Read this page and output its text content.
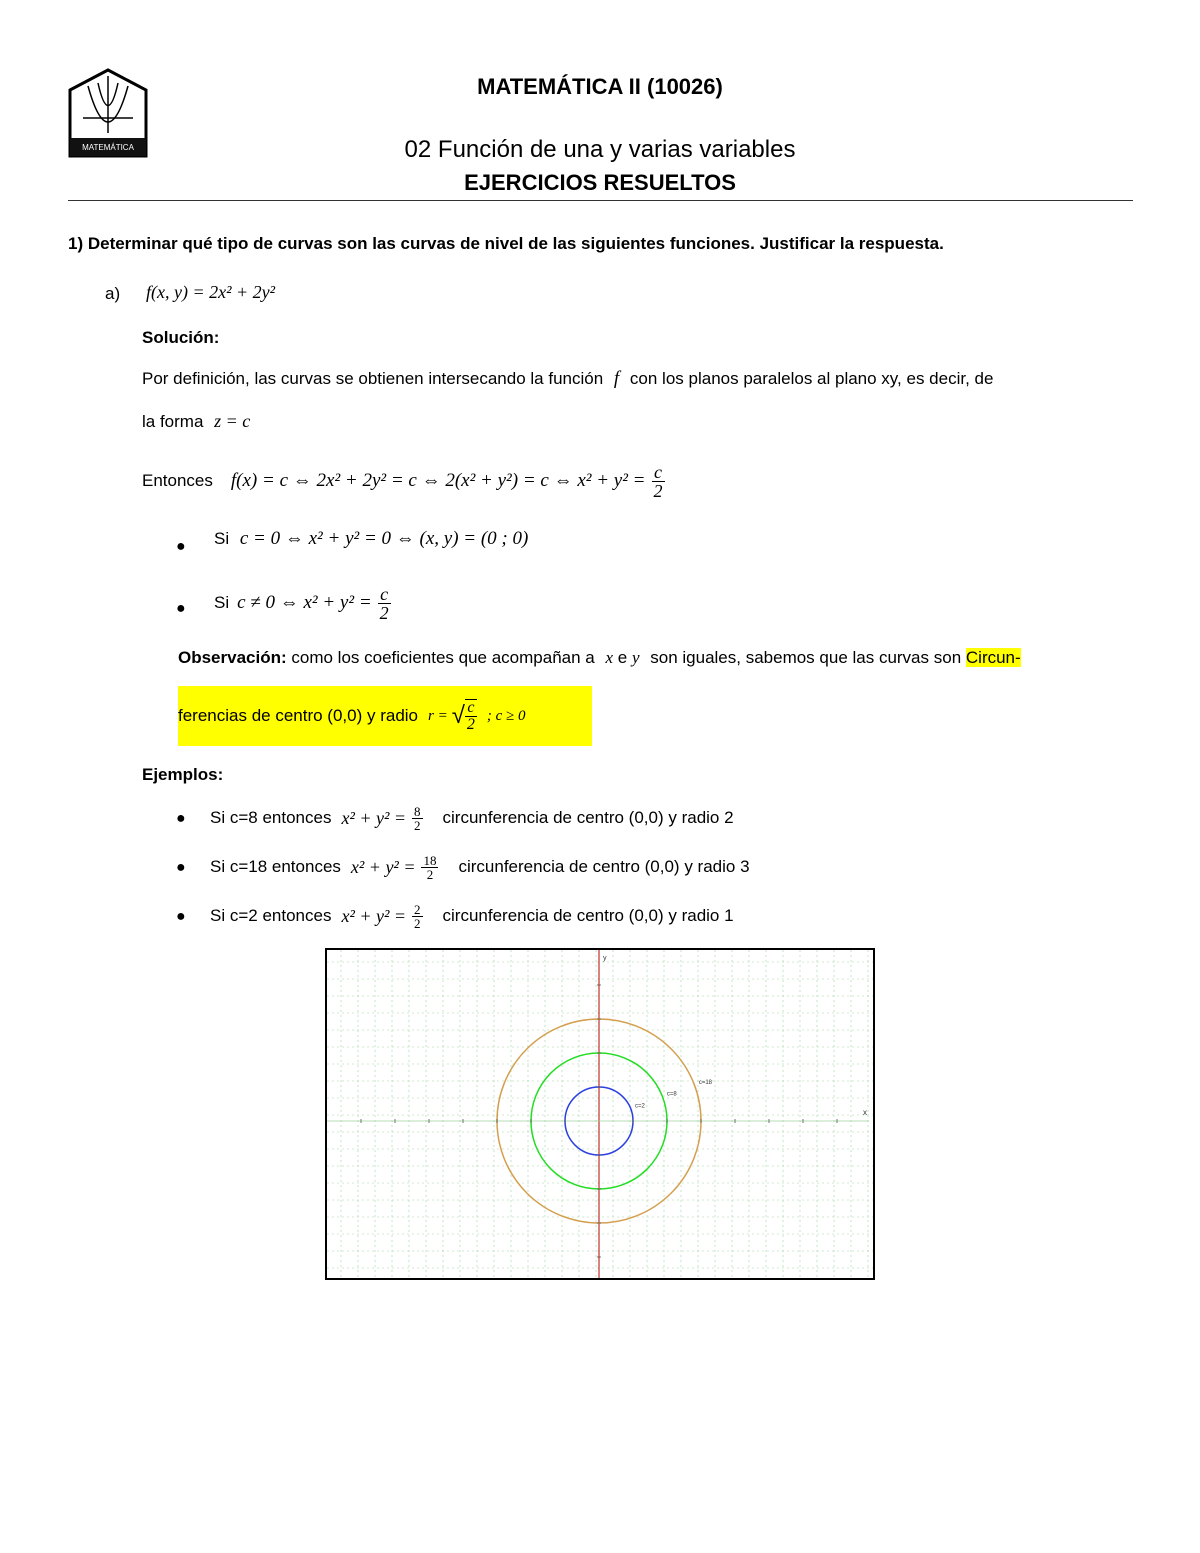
MATEMÁTICA
MATEMÁTICA II (10026)
02 Función de una y varias variables
EJERCICIOS RESUELTOS
1) Determinar qué tipo de curvas son las curvas de nivel de las siguientes funciones. Justificar la respuesta.
a) f(x, y) = 2x² + 2y²
Solución:
Por definición, las curvas se obtienen intersecando la función f con los planos paralelos al plano xy, es decir, de
la forma z = c
Entonces f(x) = c ⇔ 2x² + 2y² = c ⇔ 2(x² + y²) = c ⇔ $x^2 + y^2 = \frac{c}{2}$
● Si c = 0 ⇔ x² + y² = 0 ⇔ (x, y) = (0 ; 0)
● Si c ≠ 0 ⇔ $x^2 + y^2 = \frac{c}{2}$
Observación: como los coeficientes que acompañan a x e y son iguales, sabemos que las curvas son Circun-
ferencias de centro (0,0) y radio r = √ $\frac{c}{2}$ ; c ≥ 0
Ejemplos:
● Si c=8 entonces $x^2 + y^2 = \frac{8}{2}$ circunferencia de centro (0,0) y radio 2
● Si c=18 entonces $x^2 + y^2 = \frac{18}{2}$ circunferencia de centro (0,0) y radio 3
● Si c=2 entonces $x^2 + y^2 = \frac{2}{2}$ circunferencia de centro (0,0) y radio 1
c=2
c=8
c=18
x
y
